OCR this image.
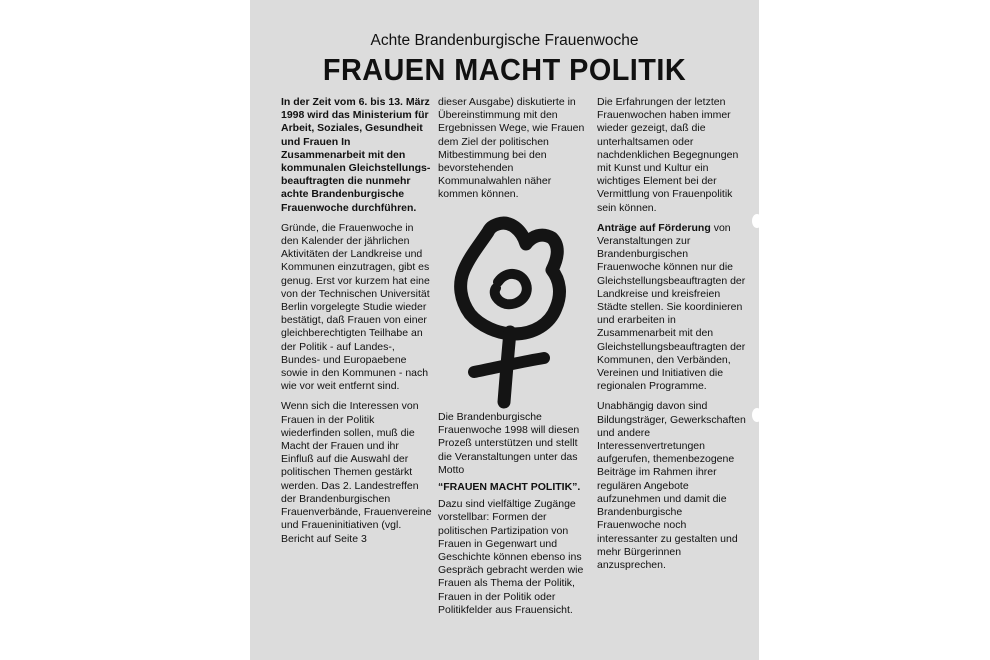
Achte Brandenburgische Frauenwoche
FRAUEN MACHT POLITIK

In der Zeit vom 6. bis 13. März 1998 wird das Ministerium für Arbeit, Soziales, Gesundheit und Frauen In Zusammenarbeit mit den kommunalen Gleichstellungsbeauftragten die nunmehr achte Brandenburgische Frauenwoche durchführen.

Gründe, die Frauenwoche in den Kalender der jährlichen Aktivitäten der Landkreise und Kommunen einzutragen, gibt es genug. Erst vor kurzem hat eine von der Technischen Universität Berlin vorgelegte Studie wieder bestätigt, daß Frauen von einer gleichberechtigten Teilhabe an der Politik - auf Landes-, Bundes- und Europaebene sowie in den Kommunen - nach wie vor weit entfernt sind.

Wenn sich die Interessen von Frauen in der Politik wiederfinden sollen, muß die Macht der Frauen und ihr Einfluß auf die Auswahl der politischen Themen gestärkt werden. Das 2. Landestreffen der Brandenburgischen Frauenverbände, Frauenvereine und Fraueninitiativen (vgl. Bericht auf Seite 3

dieser Ausgabe) diskutierte in Übereinstimmung mit den Ergebnissen Wege, wie Frauen dem Ziel der politischen Mitbestimmung bei den bevorstehenden Kommunalwahlen näher kommen können.

Die Brandenburgische Frauenwoche 1998 will diesen Prozeß unterstützen und stellt die Veranstaltungen unter das Motto

“FRAUEN MACHT POLITIK”.

Dazu sind vielfältige Zugänge vorstellbar: Formen der politischen Partizipation von Frauen in Gegenwart und Geschichte können ebenso ins Gespräch gebracht werden wie Frauen als Thema der Politik, Frauen in der Politik oder Politikfelder aus Frauensicht.

Die Erfahrungen der letzten Frauenwochen haben immer wieder gezeigt, daß die unterhaltsamen oder nachdenklichen Begegnungen mit Kunst und Kultur ein wichtiges Element bei der Vermittlung von Frauenpolitik sein können.

Anträge auf Förderung von Veranstaltungen zur Brandenburgischen Frauenwoche können nur die Gleichstellungsbeauftragten der Landkreise und kreisfreien Städte stellen. Sie koordinieren und erarbeiten in Zusammenarbeit mit den Gleichstellungsbeauftragten der Kommunen, den Verbänden, Vereinen und Initiativen die regionalen Programme.

Unabhängig davon sind Bildungsträger, Gewerkschaften und andere Interessenvertretungen aufgerufen, themenbezogene Beiträge im Rahmen ihrer regulären Angebote aufzunehmen und damit die Brandenburgische Frauenwoche noch interessanter zu gestalten und mehr Bürgerinnen anzusprechen.
